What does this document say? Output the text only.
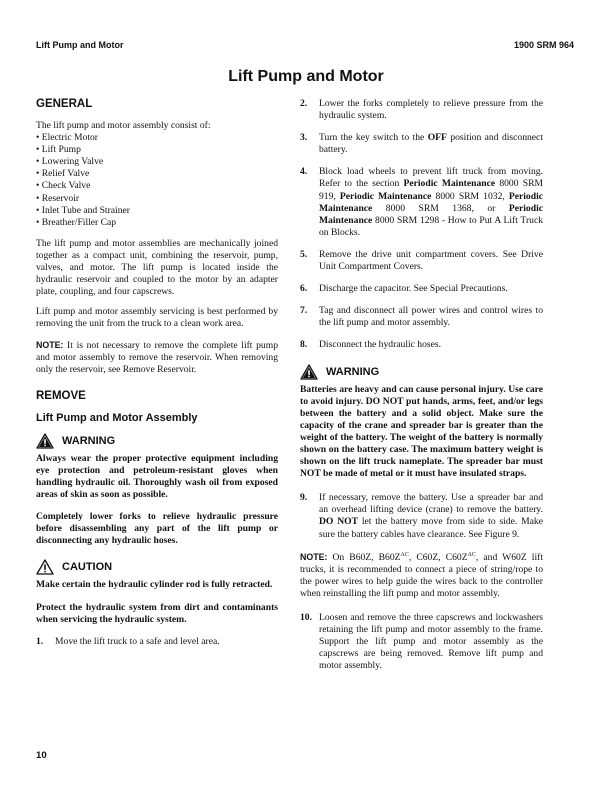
Lift Pump and Motor	1900 SRM 964
Lift Pump and Motor
GENERAL

The lift pump and motor assembly consist of:

• Electric Motor
• Lift Pump
• Lowering Valve
• Relief Valve
• Check Valve
• Reservoir
• Inlet Tube and Strainer
• Breather/Filler Cap

The lift pump and motor assemblies are mechanically joined together as a compact unit, combining the reservoir, pump, valves, and motor. The lift pump is located inside the hydraulic reservoir and coupled to the motor by an adapter plate, coupling, and four capscrews.

Lift pump and motor assembly servicing is best performed by removing the unit from the truck to a clean work area.

NOTE: It is not necessary to remove the complete lift pump and motor assembly to remove the reservoir. When removing only the reservoir, see Remove Reservoir.

REMOVE
Lift Pump and Motor Assembly
WARNING

Always wear the proper protective equipment including eye protection and petroleum-resistant gloves when handling hydraulic oil. Thoroughly wash oil from exposed areas of skin as soon as possible.

Completely lower forks to relieve hydraulic pressure before disassembling any part of the lift pump or disconnecting any hydraulic hoses.

CAUTION

Make certain the hydraulic cylinder rod is fully retracted.

Protect the hydraulic system from dirt and contaminants when servicing the hydraulic system.

1.	Move the lift truck to a safe and level area.
2.	Lower the forks completely to relieve pressure from the hydraulic system.
3.	Turn the key switch to the OFF position and disconnect battery.
4.	Block load wheels to prevent lift truck from moving. Refer to the section Periodic Maintenance 8000 SRM 919, Periodic Maintenance 8000 SRM 1032, Periodic Maintenance 8000 SRM 1368, or Periodic Maintenance 8000 SRM 1298 - How to Put A Lift Truck on Blocks.
5.	Remove the drive unit compartment covers. See Drive Unit Compartment Covers.
6.	Discharge the capacitor. See Special Precautions.
7.	Tag and disconnect all power wires and control wires to the lift pump and motor assembly.
8.	Disconnect the hydraulic hoses.
WARNING

Batteries are heavy and can cause personal injury. Use care to avoid injury. DO NOT put hands, arms, feet, and/or legs between the battery and a solid object. Make sure the capacity of the crane and spreader bar is greater than the weight of the battery. The weight of the battery is normally shown on the battery case. The maximum battery weight is shown on the lift truck nameplate. The spreader bar must NOT be made of metal or it must have insulated straps.

9.	If necessary, remove the battery. Use a spreader bar and an overhead lifting device (crane) to remove the battery. DO NOT let the battery move from side to side. Make sure the battery cables have clearance. See Figure 9.

NOTE: On B60Z, $B60Z^{AC}$, C60Z, $C60Z^{AC}$, and W60Z lift trucks, it is recommended to connect a piece of string/rope to the power wires to help guide the wires back to the controller when reinstalling the lift pump and motor assembly.

10. Loosen and remove the three capscrews and lockwashers retaining the lift pump and motor assembly to the frame. Support the lift pump and motor assembly as the capscrews are being removed. Remove lift pump and motor assembly.
10
